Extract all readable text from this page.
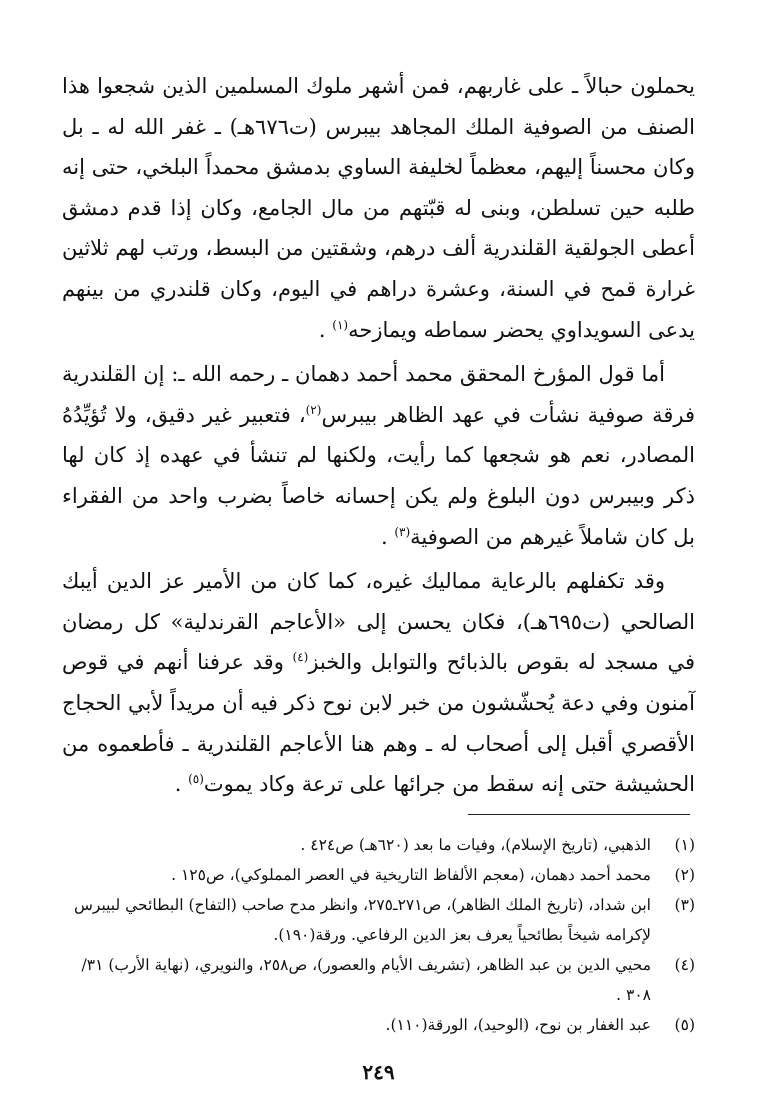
يحملون حبالاً ـ على غاربهم، فمن أشهر ملوك المسلمين الذين شجعوا هذا الصنف من الصوفية الملك المجاهد بيبرس (ت٦٧٦هـ) ـ غفر الله له ـ بل وكان محسناً إليهم، معظماً لخليفة الساوي بدمشق محمداً البلخي، حتى إنه طلبه حين تسلطن، وبنى له قبّتهم من مال الجامع، وكان إذا قدم دمشق أعطى الجولقية القلندرية ألف درهم، وشقتين من البسط، ورتب لهم ثلاثين غرارة قمح في السنة، وعشرة دراهم في اليوم، وكان قلندري من بينهم يدعى السويداوي يحضر سماطه ويمازحه$^{(١)}$ .

أما قول المؤرخ المحقق محمد أحمد دهمان ـ رحمه الله ـ: إن القلندرية فرقة صوفية نشأت في عهد الظاهر بيبرس$^{(٢)}$، فتعبير غير دقيق، ولا تُؤيِّدُهُ المصادر، نعم هو شجعها كما رأيت، ولكنها لم تنشأ في عهده إذ كان لها ذكر وبيبرس دون البلوغ ولم يكن إحسانه خاصاً بضرب واحد من الفقراء بل كان شاملاً غيرهم من الصوفية$^{(٣)}$ .

وقد تكفلهم بالرعاية مماليك غيره، كما كان من الأمير عز الدين أيبك الصالحي (ت٦٩٥هـ)، فكان يحسن إلى «الأعاجم القرندلية» كل رمضان في مسجد له بقوص بالذبائح والتوابل والخبز$^{(٤)}$ وقد عرفنا أنهم في قوص آمنون وفي دعة يُحشّشون من خبر لابن نوح ذكر فيه أن مريداً لأبي الحجاج الأقصري أقبل إلى أصحاب له ـ وهم هنا الأعاجم القلندرية ـ فأطعموه من الحشيشة حتى إنه سقط من جرائها على ترعة وكاد يموت$^{(٥)}$ .

(١)
الذهبي، (تاريخ الإسلام)، وفيات ما بعد (٦٢٠هـ) ص٤٢٤ .
(٢)
محمد أحمد دهمان، (معجم الألفاظ التاريخية في العصر المملوكي)، ص١٢٥ .
(٣)
ابن شداد، (تاريخ الملك الظاهر)، ص٢٧١ـ٢٧٥، وانظر مدح صاحب (التفاح) البطائحي لبيبرس لإكرامه شيخاً بطائحياً يعرف بعز الدين الرفاعي. ورقة(١٩٠).
(٤)
محيي الدين بن عبد الظاهر، (تشريف الأيام والعصور)، ص٢٥٨، والنويري، (نهاية الأرب) ٣١/ ٣٠٨ .
(٥)
عبد الغفار بن نوح، (الوحيد)، الورقة(١١٠).
٢٤٩
